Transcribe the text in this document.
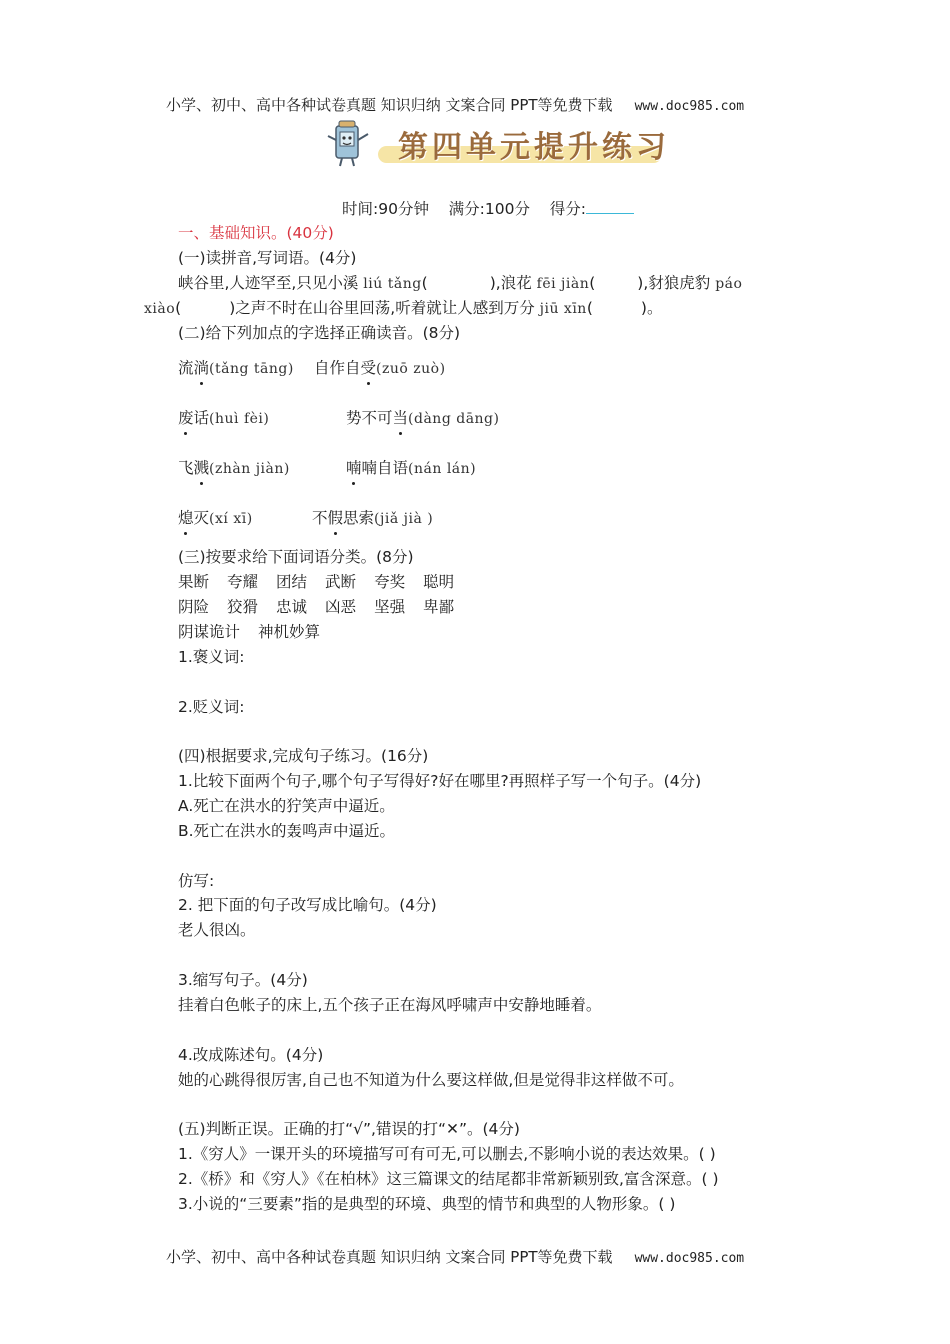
小学、初中、高中各种试卷真题 知识归纳 文案合同 PPT等免费下载 www.doc985.com
第四单元提升练习
时间:90分钟 满分:100分 得分:
一、基础知识。(40分)
(一)读拼音,写词语。(4分)
峡谷里,人迹罕至,只见小溪 liú tǎng(	),浪花 fēi jiàn(	),豺狼虎豹 páo
xiào(	)之声不时在山谷里回荡,听着就让人感到万分 jiū xīn(	)。
(二)给下列加点的字选择正确读音。(8分)
流淌(tǎng tāng) 自作自受(zuō zuò)
废话(huì fèi)	势不可当(dàng dāng)
飞溅(zhàn jiàn)	喃喃自语(nán lán)
熄灭(xí xī)	不假思索(jiǎ jià )
(三)按要求给下面词语分类。(8分)
果断 夸耀 团结 武断 夸奖 聪明
阴险 狡猾 忠诚 凶恶 坚强 卑鄙
阴谋诡计 神机妙算
1.褒义词:
2.贬义词:
(四)根据要求,完成句子练习。(16分)
1.比较下面两个句子,哪个句子写得好?好在哪里?再照样子写一个句子。(4分)
A.死亡在洪水的狞笑声中逼近。
B.死亡在洪水的轰鸣声中逼近。
仿写:
2. 把下面的句子改写成比喻句。(4分)
老人很凶。
3.缩写句子。(4分)
挂着白色帐子的床上,五个孩子正在海风呼啸声中安静地睡着。
4.改成陈述句。(4分)
她的心跳得很厉害,自己也不知道为什么要这样做,但是觉得非这样做不可。
(五)判断正误。正确的打“√”,错误的打“✕”。(4分)
1.《穷人》一课开头的环境描写可有可无,可以删去,不影响小说的表达效果。( )
2.《桥》和《穷人》《在柏林》这三篇课文的结尾都非常新颖别致,富含深意。( )
3.小说的“三要素”指的是典型的环境、典型的情节和典型的人物形象。( )
小学、初中、高中各种试卷真题 知识归纳 文案合同 PPT等免费下载 www.doc985.com
